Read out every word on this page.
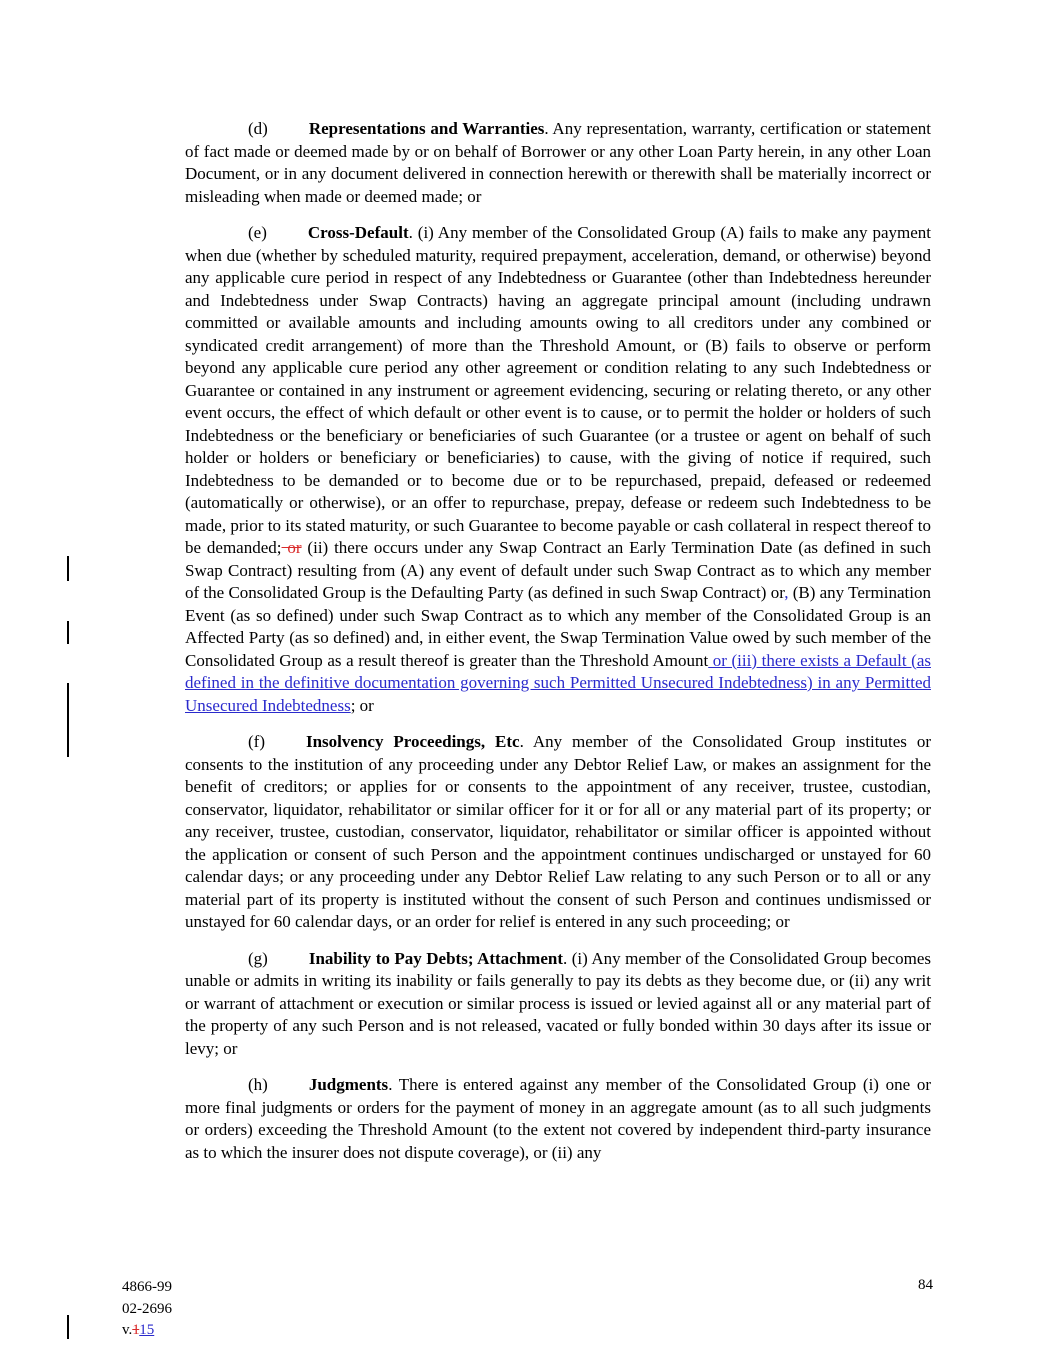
(d) Representations and Warranties. Any representation, warranty, certification or statement of fact made or deemed made by or on behalf of Borrower or any other Loan Party herein, in any other Loan Document, or in any document delivered in connection herewith or therewith shall be materially incorrect or misleading when made or deemed made; or

(e) Cross-Default. (i) Any member of the Consolidated Group (A) fails to make any payment when due (whether by scheduled maturity, required prepayment, acceleration, demand, or otherwise) beyond any applicable cure period in respect of any Indebtedness or Guarantee (other than Indebtedness hereunder and Indebtedness under Swap Contracts) having an aggregate principal amount (including undrawn committed or available amounts and including amounts owing to all creditors under any combined or syndicated credit arrangement) of more than the Threshold Amount, or (B) fails to observe or perform beyond any applicable cure period any other agreement or condition relating to any such Indebtedness or Guarantee or contained in any instrument or agreement evidencing, securing or relating thereto, or any other event occurs, the effect of which default or other event is to cause, or to permit the holder or holders of such Indebtedness or the beneficiary or beneficiaries of such Guarantee (or a trustee or agent on behalf of such holder or holders or beneficiary or beneficiaries) to cause, with the giving of notice if required, such Indebtedness to be demanded or to become due or to be repurchased, prepaid, defeased or redeemed (automatically or otherwise), or an offer to repurchase, prepay, defease or redeem such Indebtedness to be made, prior to its stated maturity, or such Guarantee to become payable or cash collateral in respect thereof to be demanded; or (ii) there occurs under any Swap Contract an Early Termination Date (as defined in such Swap Contract) resulting from (A) any event of default under such Swap Contract as to which any member of the Consolidated Group is the Defaulting Party (as defined in such Swap Contract) or, (B) any Termination Event (as so defined) under such Swap Contract as to which any member of the Consolidated Group is an Affected Party (as so defined) and, in either event, the Swap Termination Value owed by such member of the Consolidated Group as a result thereof is greater than the Threshold Amount or (iii) there exists a Default (as defined in the definitive documentation governing such Permitted Unsecured Indebtedness) in any Permitted Unsecured Indebtedness; or

(f) Insolvency Proceedings, Etc. Any member of the Consolidated Group institutes or consents to the institution of any proceeding under any Debtor Relief Law, or makes an assignment for the benefit of creditors; or applies for or consents to the appointment of any receiver, trustee, custodian, conservator, liquidator, rehabilitator or similar officer for it or for all or any material part of its property; or any receiver, trustee, custodian, conservator, liquidator, rehabilitator or similar officer is appointed without the application or consent of such Person and the appointment continues undischarged or unstayed for 60 calendar days; or any proceeding under any Debtor Relief Law relating to any such Person or to all or any material part of its property is instituted without the consent of such Person and continues undismissed or unstayed for 60 calendar days, or an order for relief is entered in any such proceeding; or

(g) Inability to Pay Debts; Attachment. (i) Any member of the Consolidated Group becomes unable or admits in writing its inability or fails generally to pay its debts as they become due, or (ii) any writ or warrant of attachment or execution or similar process is issued or levied against all or any material part of the property of any such Person and is not released, vacated or fully bonded within 30 days after its issue or levy; or

(h) Judgments. There is entered against any member of the Consolidated Group (i) one or more final judgments or orders for the payment of money in an aggregate amount (as to all such judgments or orders) exceeding the Threshold Amount (to the extent not covered by independent third-party insurance as to which the insurer does not dispute coverage), or (ii) any

4866-99
02-2696
v.115
84
